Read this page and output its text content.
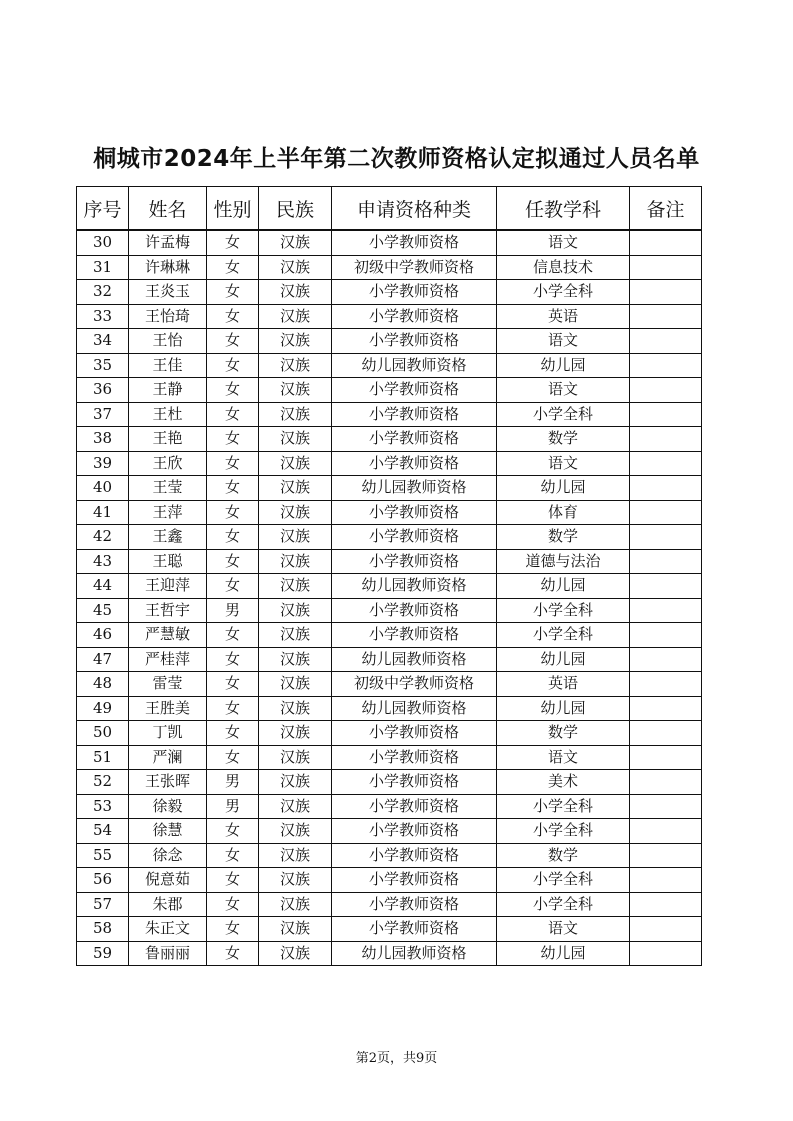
桐城市2024年上半年第二次教师资格认定拟通过人员名单
序号	姓名	性别	民族	申请资格种类	任教学科	备注
30	许孟梅	女	汉族	小学教师资格	语文	
31	许琳琳	女	汉族	初级中学教师资格	信息技术	
32	王炎玉	女	汉族	小学教师资格	小学全科	
33	王怡琦	女	汉族	小学教师资格	英语	
34	王怡	女	汉族	小学教师资格	语文	
35	王佳	女	汉族	幼儿园教师资格	幼儿园	
36	王静	女	汉族	小学教师资格	语文	
37	王杜	女	汉族	小学教师资格	小学全科	
38	王艳	女	汉族	小学教师资格	数学	
39	王欣	女	汉族	小学教师资格	语文	
40	王莹	女	汉族	幼儿园教师资格	幼儿园	
41	王萍	女	汉族	小学教师资格	体育	
42	王鑫	女	汉族	小学教师资格	数学	
43	王聪	女	汉族	小学教师资格	道德与法治	
44	王迎萍	女	汉族	幼儿园教师资格	幼儿园	
45	王哲宇	男	汉族	小学教师资格	小学全科	
46	严慧敏	女	汉族	小学教师资格	小学全科	
47	严桂萍	女	汉族	幼儿园教师资格	幼儿园	
48	雷莹	女	汉族	初级中学教师资格	英语	
49	王胜美	女	汉族	幼儿园教师资格	幼儿园	
50	丁凯	女	汉族	小学教师资格	数学	
51	严澜	女	汉族	小学教师资格	语文	
52	王张晖	男	汉族	小学教师资格	美术	
53	徐毅	男	汉族	小学教师资格	小学全科	
54	徐慧	女	汉族	小学教师资格	小学全科	
55	徐念	女	汉族	小学教师资格	数学	
56	倪意茹	女	汉族	小学教师资格	小学全科	
57	朱郡	女	汉族	小学教师资格	小学全科	
58	朱正文	女	汉族	小学教师资格	语文	
59	鲁丽丽	女	汉族	幼儿园教师资格	幼儿园	
第2页，共9页
